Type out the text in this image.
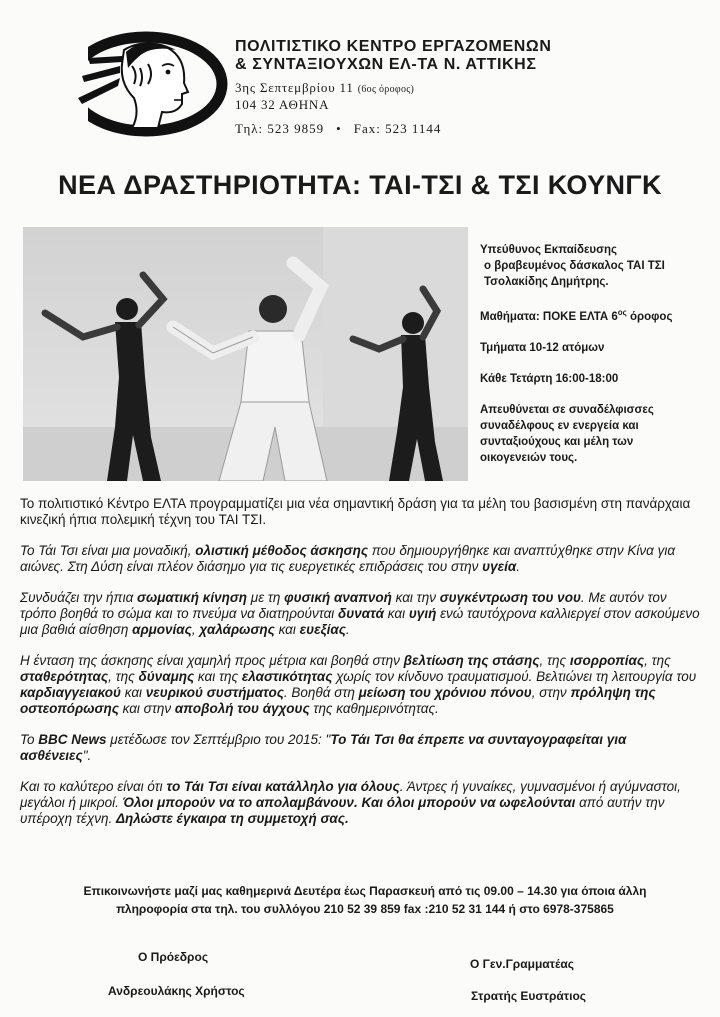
ΠΟΛΙΤΙΣΤΙΚΟ ΚΕΝΤΡΟ ΕΡΓΑΖΟΜΕΝΩΝ
& ΣΥΝΤΑΞΙΟΥΧΩΝ ΕΛ-ΤΑ Ν. ΑΤΤΙΚΗΣ
3ης Σεπτεμβρίου 11 (6ος όροφος)
104 32 ΑΘΗΝΑ
Τηλ: 523 9859 • Fax: 523 1144
ΝΕΑ ΔΡΑΣΤΗΡΙΟΤΗΤΑ: ΤΑΙ-ΤΣΙ & ΤΣΙ ΚΟΥΝΓΚ
Υπεύθυνος Εκπαίδευσης
ο βραβευμένος δάσκαλος ΤΑΙ ΤΣΙ
Τσολακίδης Δημήτρης.
Μαθήματα: ΠΟΚΕ ΕΛΤΑ $6^{o\varsigma}$ όροφος
Τμήματα 10-12 ατόμων
Κάθε Τετάρτη 16:00-18:00
Απευθύνεται σε συναδέλφισσες
συναδέλφους εν ενεργεία και
συνταξιούχους και μέλη των
οικογενειών τους.

Το πολιτιστικό Κέντρο ΕΛΤΑ προγραμματίζει μια νέα σημαντική δράση για τα μέλη του βασισμένη στη πανάρχαια κινεζική ήπια πολεμική τέχνη του ΤΑΙ ΤΣΙ.

Το Τάι Τσι είναι μια μοναδική, ολιστική μέθοδος άσκησης που δημιουργήθηκε και αναπτύχθηκε στην Κίνα για αιώνες. Στη Δύση είναι πλέον διάσημο για τις ευεργετικές επιδράσεις του στην υγεία.

Συνδυάζει την ήπια σωματική κίνηση με τη φυσική αναπνοή και την συγκέντρωση του νου. Με αυτόν τον τρόπο βοηθά το σώμα και το πνεύμα να διατηρούνται δυνατά και υγιή ενώ ταυτόχρονα καλλιεργεί στον ασκούμενο μια βαθιά αίσθηση αρμονίας, χαλάρωσης και ευεξίας.

Η ένταση της άσκησης είναι χαμηλή προς μέτρια και βοηθά στην βελτίωση της στάσης, της ισορροπίας, της σταθερότητας, της δύναμης και της ελαστικότητας χωρίς τον κίνδυνο τραυματισμού. Βελτιώνει τη λειτουργία του καρδιαγγειακού και νευρικού συστήματος. Βοηθά στη μείωση του χρόνιου πόνου, στην πρόληψη της οστεοπόρωσης και στην αποβολή του άγχους της καθημερινότητας.

Το BBC News μετέδωσε τον Σεπτέμβριο του 2015: "Το Τάι Τσι θα έπρεπε να συνταγογραφείται για ασθένειες".

Και το καλύτερο είναι ότι το Τάι Τσι είναι κατάλληλο για όλους. Άντρες ή γυναίκες, γυμνασμένοι ή αγύμναστοι, μεγάλοι ή μικροί. Όλοι μπορούν να το απολαμβάνουν. Και όλοι μπορούν να ωφελούνται από αυτήν την υπέροχη τέχνη. Δηλώστε έγκαιρα τη συμμετοχή σας.

Επικοινωνήστε μαζί μας καθημερινά Δευτέρα έως Παρασκευή από τις 09.00 – 14.30 για όποια άλλη
πληροφορία στα τηλ. του συλλόγου 210 52 39 859 fax :210 52 31 144 ή στο 6978-375865
Ο Πρόεδρος
Ανδρεουλάκης Χρήστος
Ο Γεν.Γραμματέας
Στρατής Ευστράτιος
